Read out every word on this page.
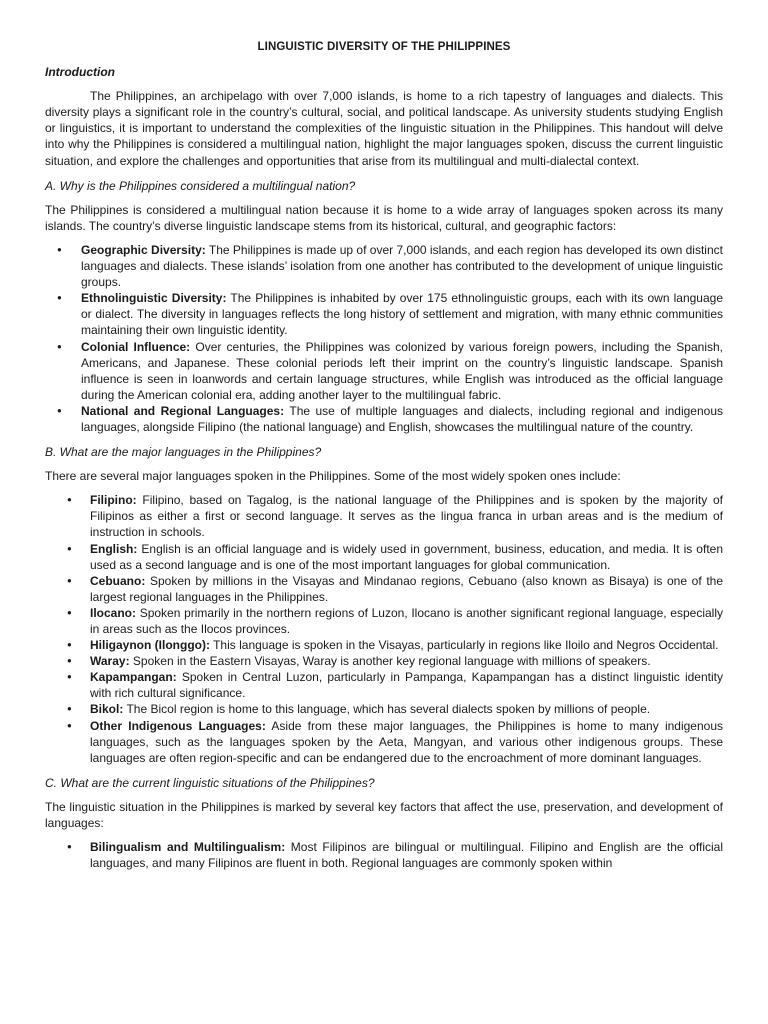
LINGUISTIC DIVERSITY OF THE PHILIPPINES
Introduction

The Philippines, an archipelago with over 7,000 islands, is home to a rich tapestry of languages and dialects. This diversity plays a significant role in the country’s cultural, social, and political landscape. As university students studying English or linguistics, it is important to understand the complexities of the linguistic situation in the Philippines. This handout will delve into why the Philippines is considered a multilingual nation, highlight the major languages spoken, discuss the current linguistic situation, and explore the challenges and opportunities that arise from its multilingual and multi-dialectal context.

A. Why is the Philippines considered a multilingual nation?

The Philippines is considered a multilingual nation because it is home to a wide array of languages spoken across its many islands. The country’s diverse linguistic landscape stems from its historical, cultural, and geographic factors:

● Geographic Diversity: The Philippines is made up of over 7,000 islands, and each region has developed its own distinct languages and dialects. These islands’ isolation from one another has contributed to the development of unique linguistic groups.
● Ethnolinguistic Diversity: The Philippines is inhabited by over 175 ethnolinguistic groups, each with its own language or dialect. The diversity in languages reflects the long history of settlement and migration, with many ethnic communities maintaining their own linguistic identity.
● Colonial Influence: Over centuries, the Philippines was colonized by various foreign powers, including the Spanish, Americans, and Japanese. These colonial periods left their imprint on the country’s linguistic landscape. Spanish influence is seen in loanwords and certain language structures, while English was introduced as the official language during the American colonial era, adding another layer to the multilingual fabric.
● National and Regional Languages: The use of multiple languages and dialects, including regional and indigenous languages, alongside Filipino (the national language) and English, showcases the multilingual nature of the country.
B. What are the major languages in the Philippines?

There are several major languages spoken in the Philippines. Some of the most widely spoken ones include:

● Filipino: Filipino, based on Tagalog, is the national language of the Philippines and is spoken by the majority of Filipinos as either a first or second language. It serves as the lingua franca in urban areas and is the medium of instruction in schools.
● English: English is an official language and is widely used in government, business, education, and media. It is often used as a second language and is one of the most important languages for global communication.
● Cebuano: Spoken by millions in the Visayas and Mindanao regions, Cebuano (also known as Bisaya) is one of the largest regional languages in the Philippines.
● Ilocano: Spoken primarily in the northern regions of Luzon, Ilocano is another significant regional language, especially in areas such as the Ilocos provinces.
● Hiligaynon (Ilonggo): This language is spoken in the Visayas, particularly in regions like Iloilo and Negros Occidental.
● Waray: Spoken in the Eastern Visayas, Waray is another key regional language with millions of speakers.
● Kapampangan: Spoken in Central Luzon, particularly in Pampanga, Kapampangan has a distinct linguistic identity with rich cultural significance.
● Bikol: The Bicol region is home to this language, which has several dialects spoken by millions of people.
● Other Indigenous Languages: Aside from these major languages, the Philippines is home to many indigenous languages, such as the languages spoken by the Aeta, Mangyan, and various other indigenous groups. These languages are often region-specific and can be endangered due to the encroachment of more dominant languages.
C. What are the current linguistic situations of the Philippines?

The linguistic situation in the Philippines is marked by several key factors that affect the use, preservation, and development of languages:

● Bilingualism and Multilingualism: Most Filipinos are bilingual or multilingual. Filipino and English are the official languages, and many Filipinos are fluent in both. Regional languages are commonly spoken within
